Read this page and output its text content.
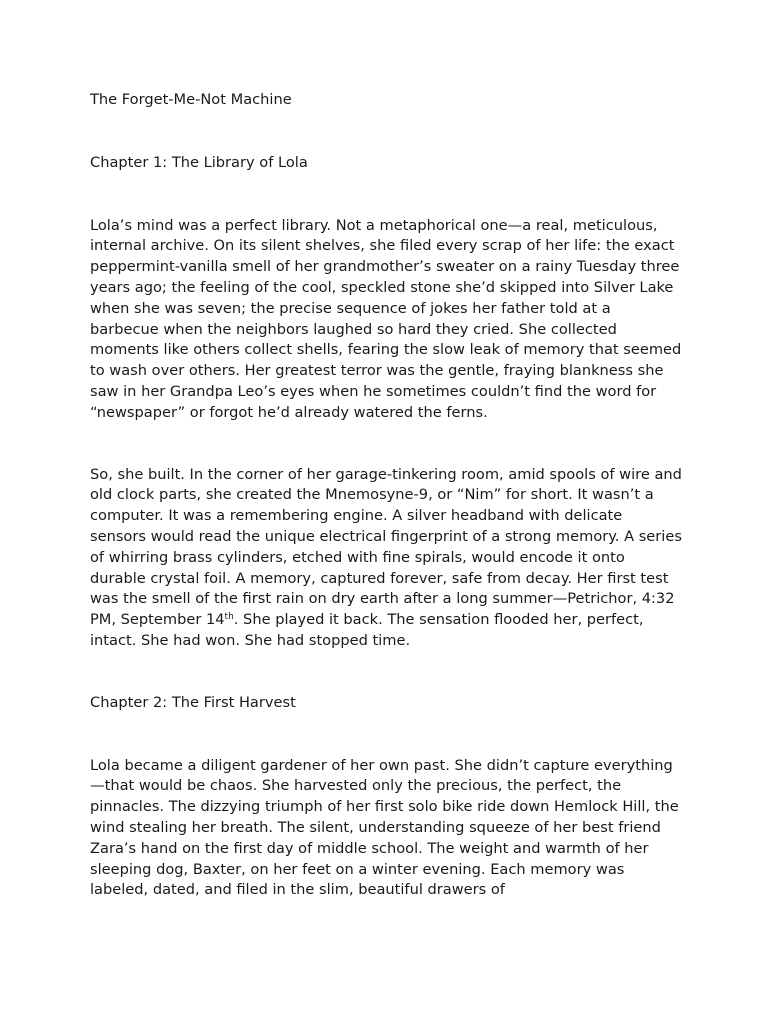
The Forget-Me-Not Machine

Chapter 1: The Library of Lola

Lola’s mind was a perfect library. Not a metaphorical one—a real, meticulous, internal archive. On its silent shelves, she filed every scrap of her life: the exact peppermint-vanilla smell of her grandmother’s sweater on a rainy Tuesday three years ago; the feeling of the cool, speckled stone she’d skipped into Silver Lake when she was seven; the precise sequence of jokes her father told at a barbecue when the neighbors laughed so hard they cried. She collected moments like others collect shells, fearing the slow leak of memory that seemed to wash over others. Her greatest terror was the gentle, fraying blankness she saw in her Grandpa Leo’s eyes when he sometimes couldn’t find the word for “newspaper” or forgot he’d already watered the ferns.

So, she built. In the corner of her garage-tinkering room, amid spools of wire and old clock parts, she created the Mnemosyne-9, or “Nim” for short. It wasn’t a computer. It was a remembering engine. A silver headband with delicate sensors would read the unique electrical fingerprint of a strong memory. A series of whirring brass cylinders, etched with fine spirals, would encode it onto durable crystal foil. A memory, captured forever, safe from decay. Her first test was the smell of the first rain on dry earth after a long summer—Petrichor, 4:32 PM, September 14th. She played it back. The sensation flooded her, perfect, intact. She had won. She had stopped time.

Chapter 2: The First Harvest

Lola became a diligent gardener of her own past. She didn’t capture everything—that would be chaos. She harvested only the precious, the perfect, the pinnacles. The dizzying triumph of her first solo bike ride down Hemlock Hill, the wind stealing her breath. The silent, understanding squeeze of her best friend Zara’s hand on the first day of middle school. The weight and warmth of her sleeping dog, Baxter, on her feet on a winter evening. Each memory was labeled, dated, and filed in the slim, beautiful drawers of
